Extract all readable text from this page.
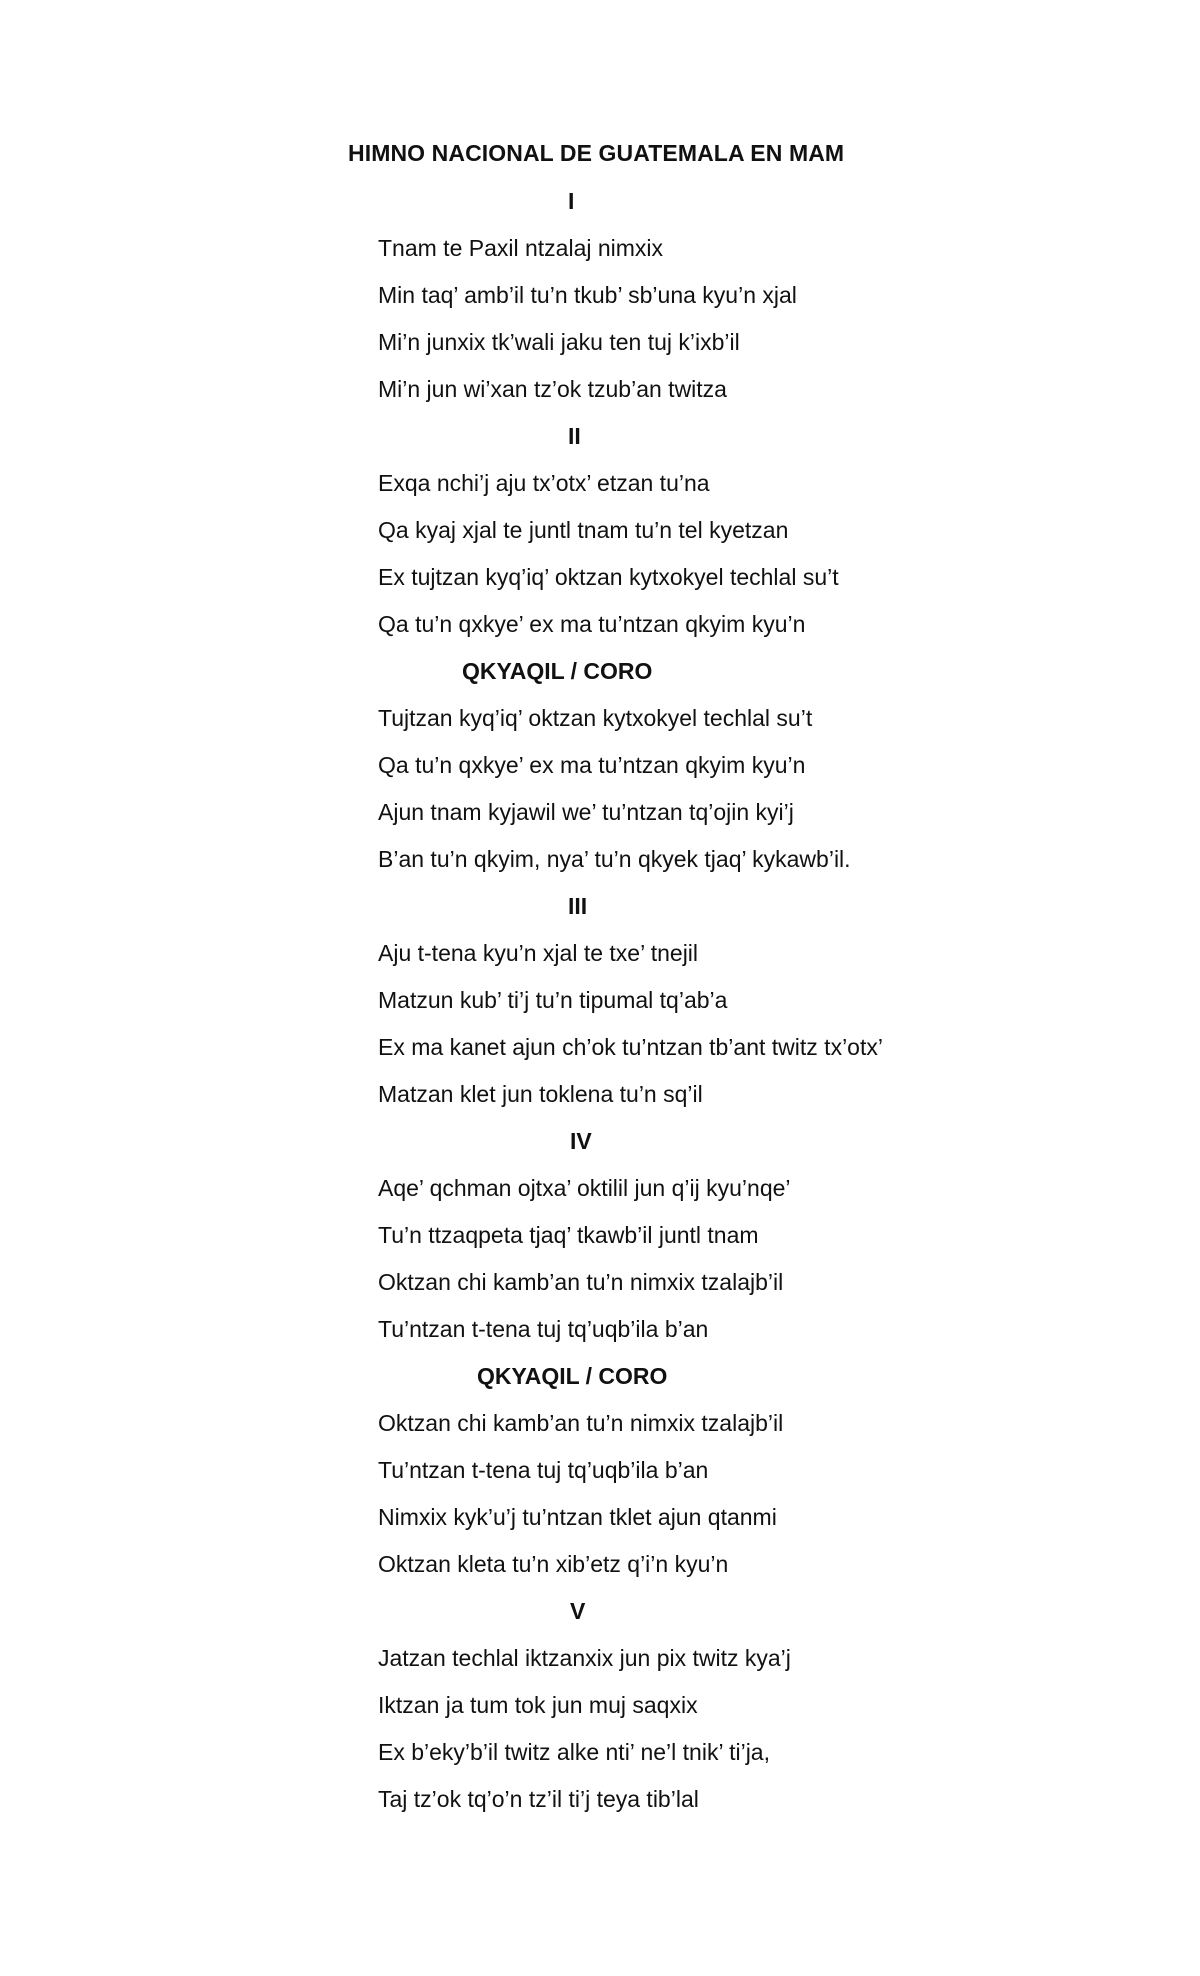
HIMNO NACIONAL DE GUATEMALA EN MAM
I
Tnam te Paxil ntzalaj nimxix
Min taq’ amb’il tu’n tkub’ sb’una kyu’n xjal
Mi’n junxix tk’wali jaku ten tuj k’ixb’il
Mi’n jun wi’xan tz’ok tzub’an twitza
II
Exqa nchi’j aju tx’otx’ etzan tu’na
Qa kyaj xjal te juntl tnam tu’n tel kyetzan
Ex tujtzan kyq’iq’ oktzan kytxokyel techlal su’t
Qa tu’n qxkye’ ex ma tu’ntzan qkyim kyu’n
QKYAQIL / CORO
Tujtzan kyq’iq’ oktzan kytxokyel techlal su’t
Qa tu’n qxkye’ ex ma tu’ntzan qkyim kyu’n
Ajun tnam kyjawil we’ tu’ntzan tq’ojin kyi’j
B’an tu’n qkyim, nya’ tu’n qkyek tjaq’ kykawb’il.
III
Aju t-tena kyu’n xjal te txe’ tnejil
Matzun kub’ ti’j tu’n tipumal tq’ab’a
Ex ma kanet ajun ch’ok tu’ntzan tb’ant twitz tx’otx’
Matzan klet jun toklena tu’n sq’il
IV
Aqe’ qchman ojtxa’ oktilil jun q’ij kyu’nqe’
Tu’n ttzaqpeta tjaq’ tkawb’il juntl tnam
Oktzan chi kamb’an tu’n nimxix tzalajb’il
Tu’ntzan t-tena tuj tq’uqb’ila b’an
QKYAQIL / CORO
Oktzan chi kamb’an tu’n nimxix tzalajb’il
Tu’ntzan t-tena tuj tq’uqb’ila b’an
Nimxix kyk’u’j tu’ntzan tklet ajun qtanmi
Oktzan kleta tu’n xib’etz q’i’n kyu’n
V
Jatzan techlal iktzanxix jun pix twitz kya’j
Iktzan ja tum tok jun muj saqxix
Ex b’eky’b’il twitz alke nti’ ne’l tnik’ ti’ja,
Taj tz’ok tq’o’n tz’il ti’j teya tib’lal
